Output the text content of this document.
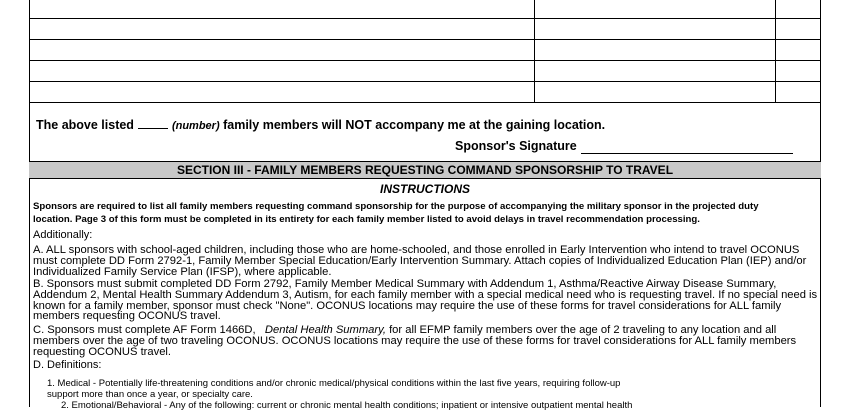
The above listed	(number) family members will NOT accompany me at the gaining location.
Sponsor's Signature
SECTION III - FAMILY MEMBERS REQUESTING COMMAND SPONSORSHIP TO TRAVEL
INSTRUCTIONS
Sponsors are required to list all family members requesting command sponsorship for the purpose of accompanying the military sponsor in the projected duty
location. Page 3 of this form must be completed in its entirety for each family member listed to avoid delays in travel recommendation processing.
Additionally:
A. ALL sponsors with school-aged children, including those who are home-schooled, and those enrolled in Early Intervention who intend to travel OCONUS must complete DD Form 2792-1, Family Member Special Education/Early Intervention Summary. Attach copies of Individualized Education Plan (IEP) and/or Individualized Family Service Plan (IFSP), where applicable.
B. Sponsors must submit completed DD Form 2792, Family Member Medical Summary with Addendum 1, Asthma/Reactive Airway Disease Summary, Addendum 2, Mental Health Summary Addendum 3, Autism, for each family member with a special medical need who is requesting travel. If no special need is known for a family member, sponsor must check "None". OCONUS locations may require the use of these forms for travel considerations for ALL family members requesting OCONUS travel.
C. Sponsors must complete AF Form 1466D, Dental Health Summary, for all EFMP family members over the age of 2 traveling to any location and all members over the age of two traveling OCONUS. OCONUS locations may require the use of these forms for travel considerations for ALL family members requesting OCONUS travel.
D. Definitions:
1. Medical - Potentially life-threatening conditions and/or chronic medical/physical conditions within the last five years, requiring follow-up
support more than once a year, or specialty care.
2. Emotional/Behavioral - Any of the following: current or chronic mental health conditions; inpatient or intensive outpatient mental health
